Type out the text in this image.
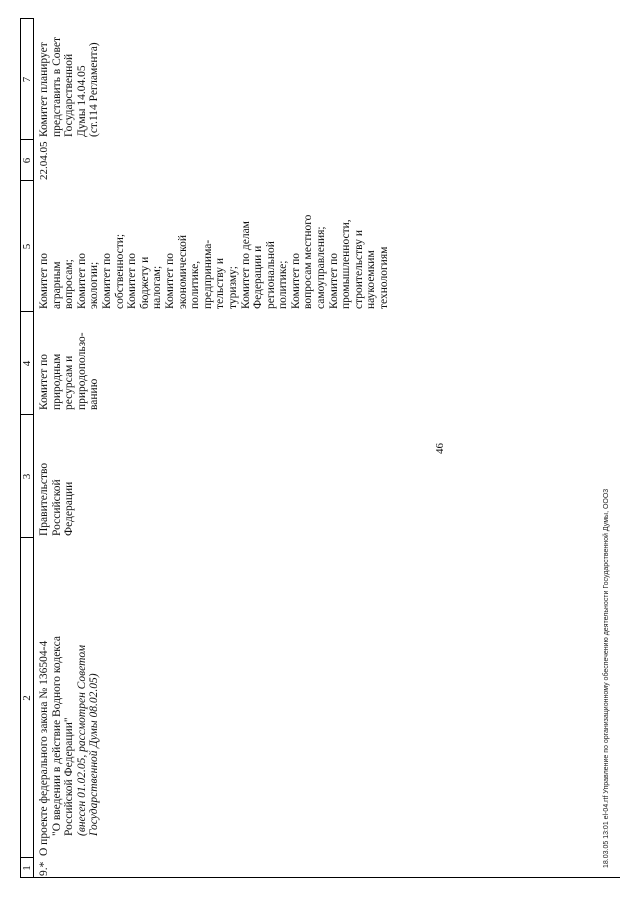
46
1
2
3
4
5
6
7
9.*
О проекте федерального закона № 136504-4 "О введении в действие Водного кодекса Российской Федерации" (внесен 01.02.05, рассмотрен Советом Государственной Думы 08.02.05)
Правительство
Российской
Федерации
Комитет по
природным
ресурсам и
природопользо-
ванию
Комитет по
аграрным
вопросам;
Комитет по
экологии;
Комитет по
собственности;
Комитет по
бюджету и
налогам;
Комитет по
экономической
политике,
предпринима-
тельству и
туризму;
Комитет по делам
Федерации и
региональной
политике;
Комитет по
вопросам местного
самоуправления;
Комитет по
промышленности,
строительству и
наукоемким
технологиям
22.04.05
Комитет планирует
представить в Совет
Государственной
Думы 14.04.05
(ст.114 Регламента)
18.03.05 13:01 el-04.rtf Управление по организационному обеспечению деятельности Государственной Думы, ООО3
